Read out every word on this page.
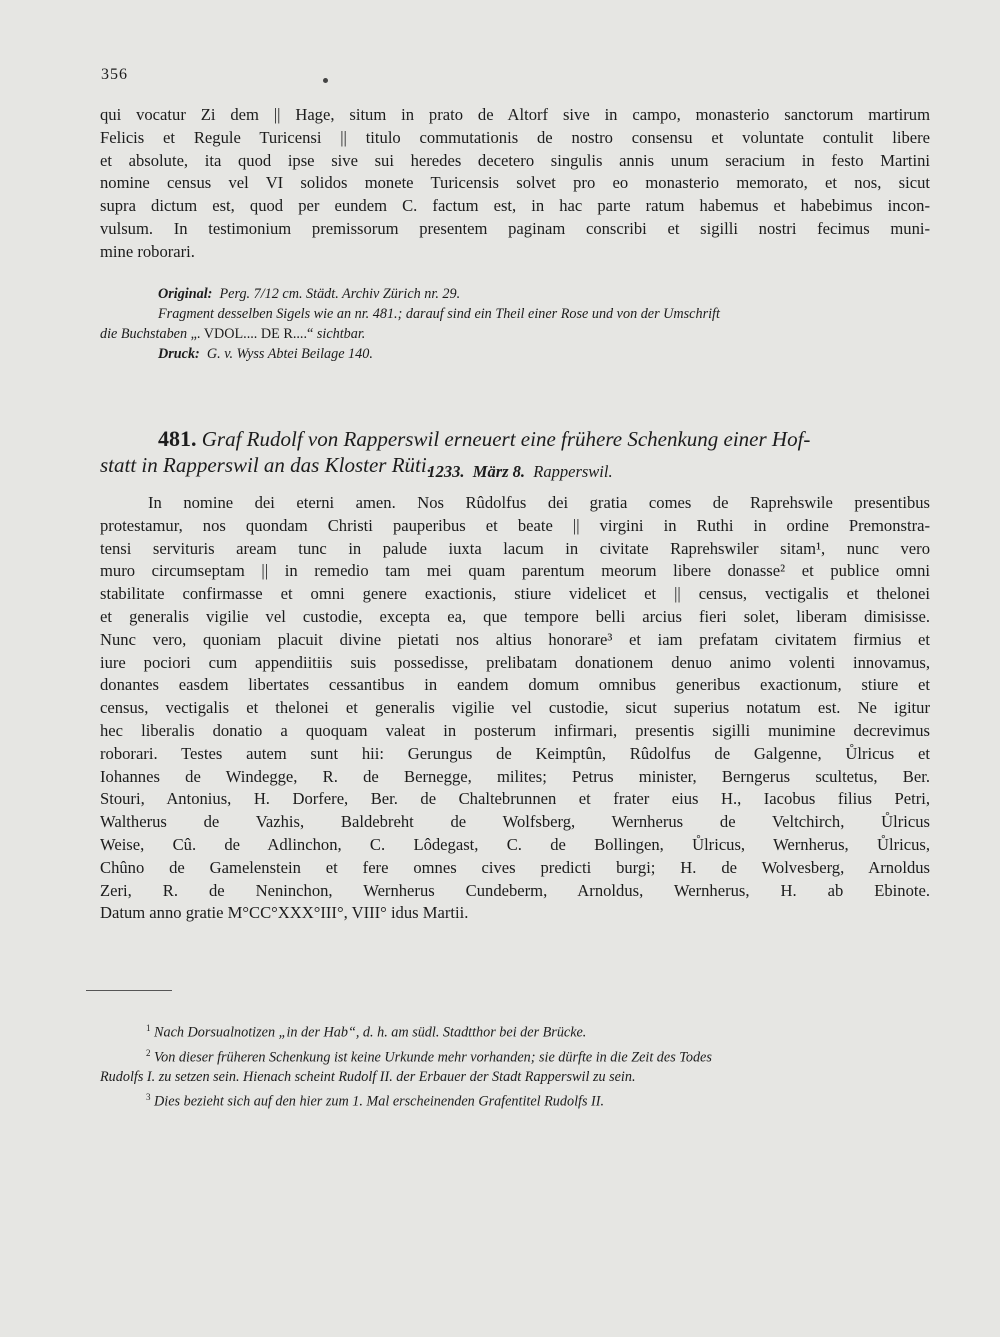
356

qui vocatur Zi dem || Hage, situm in prato de Altorf sive in campo, monasterio sanctorum martirum
Felicis et Regule Turicensi || titulo commutationis de nostro consensu et voluntate contulit libere
et absolute, ita quod ipse sive sui heredes decetero singulis annis unum seracium in festo Martini
nomine census vel VI solidos monete Turicensis solvet pro eo monasterio memorato, et nos, sicut
supra dictum est, quod per eundem C. factum est, in hac parte ratum habemus et habebimus incon-
vulsum. In testimonium premissorum presentem paginam conscribi et sigilli nostri fecimus muni-
mine roborari.

Original: Perg. 7/12 cm. Städt. Archiv Zürich nr. 29.
Fragment desselben Sigels wie an nr. 481.; darauf sind ein Theil einer Rose und von der Umschrift
die Buchstaben „. VDOL.... DE R....“ sichtbar.
Druck: G. v. Wyss Abtei Beilage 140.

481. Graf Rudolf von Rapperswil erneuert eine frühere Schenkung einer Hof-
statt in Rapperswil an das Kloster Rüti.

1233. März 8. Rapperswil.

In nomine dei eterni amen. Nos Rûdolfus dei gratia comes de Raprehswile presentibus
protestamur, nos quondam Christi pauperibus et beate || virgini in Ruthi in ordine Premonstra-
tensi servituris aream tunc in palude iuxta lacum in civitate Raprehswiler sitam¹, nunc vero
muro circumseptam || in remedio tam mei quam parentum meorum libere donasse² et publice omni
stabilitate confirmasse et omni genere exactionis, stiure videlicet et || census, vectigalis et thelonei
et generalis vigilie vel custodie, excepta ea, que tempore belli arcius fieri solet, liberam dimisisse.
Nunc vero, quoniam placuit divine pietati nos altius honorare³ et iam prefatam civitatem firmius et
iure pociori cum appendiitiis suis possedisse, prelibatam donationem denuo animo volenti innovamus,
donantes easdem libertates cessantibus in eandem domum omnibus generibus exactionum, stiure et
census, vectigalis et thelonei et generalis vigilie vel custodie, sicut superius notatum est. Ne igitur
hec liberalis donatio a quoquam valeat in posterum infirmari, presentis sigilli munimine decrevimus
roborari. Testes autem sunt hii: Gerungus de Keimptûn, Rûdolfus de Galgenne, Ůlricus et
Iohannes de Windegge, R. de Bernegge, milites; Petrus minister, Berngerus scultetus, Ber.
Stouri, Antonius, H. Dorfere, Ber. de Chaltebrunnen et frater eius H., Iacobus filius Petri,
Waltherus de Vazhis, Baldebreht de Wolfsberg, Wernherus de Veltchirch, Ůlricus
Weise, Cû. de Adlinchon, C. Lôdegast, C. de Bollingen, Ůlricus, Wernherus, Ůlricus,
Chûno de Gamelenstein et fere omnes cives predicti burgi; H. de Wolvesberg, Arnoldus
Zeri, R. de Neninchon, Wernherus Cundeberm, Arnoldus, Wernherus, H. ab Ebinote.
Datum anno gratie M°CC°XXX°III°, VIII° idus Martii.

$^1$ Nach Dorsualnotizen „in der Hab“, d. h. am südl. Stadtthor bei der Brücke.
$^2$ Von dieser früheren Schenkung ist keine Urkunde mehr vorhanden; sie dürfte in die Zeit des Todes
Rudolfs I. zu setzen sein. Hienach scheint Rudolf II. der Erbauer der Stadt Rapperswil zu sein.
$^3$ Dies bezieht sich auf den hier zum 1. Mal erscheinenden Grafentitel Rudolfs II.
